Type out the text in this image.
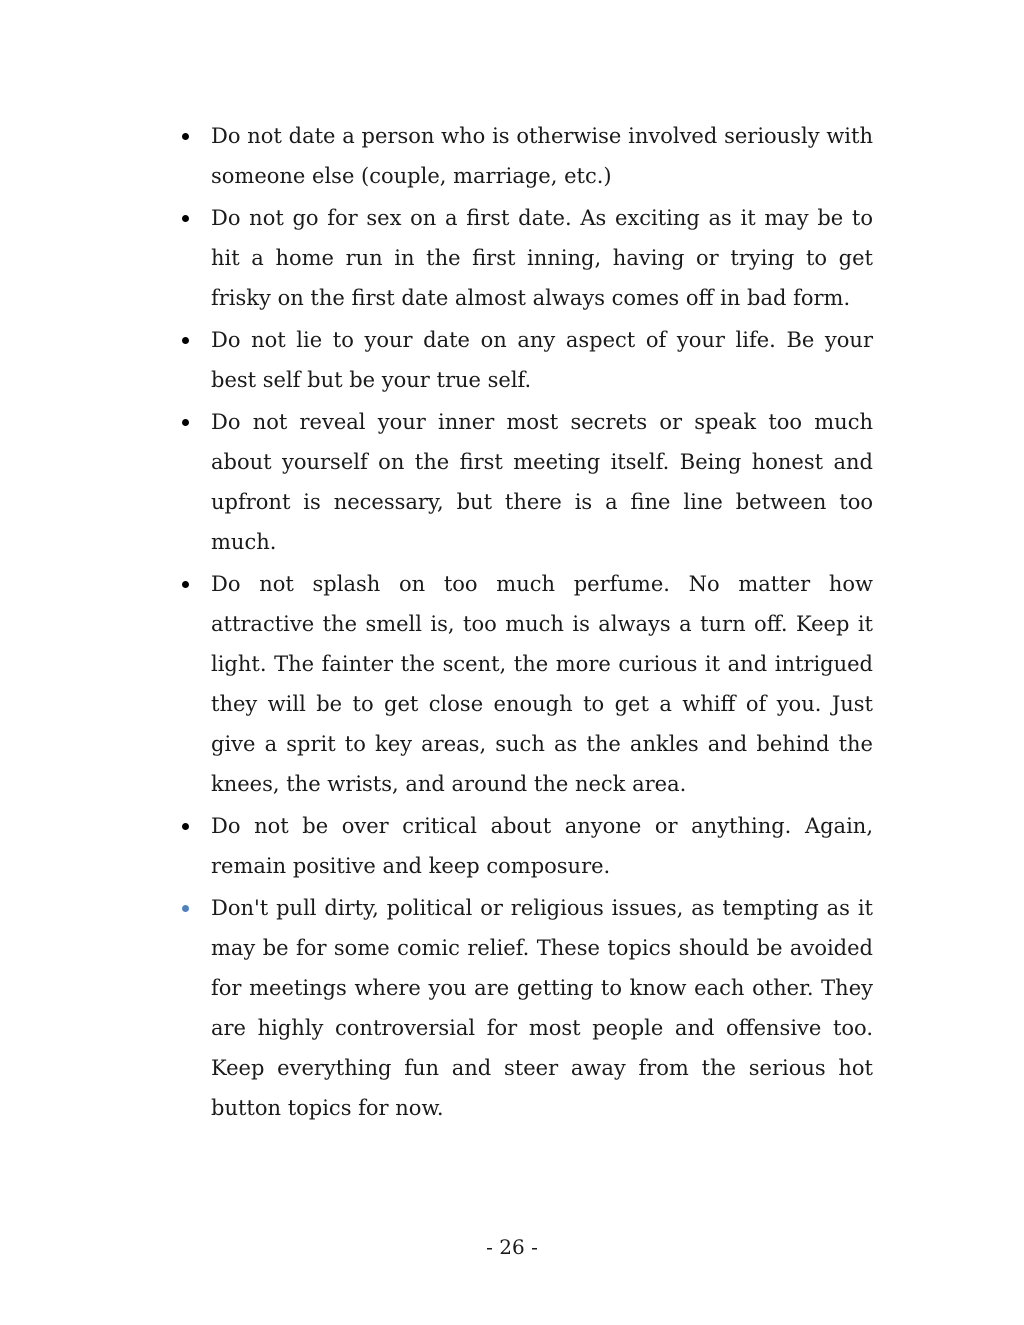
Do not date a person who is otherwise involved seriously with someone else (couple, marriage, etc.)
Do not go for sex on a first date. As exciting as it may be to hit a home run in the first inning, having or trying to get frisky on the first date almost always comes off in bad form.
Do not lie to your date on any aspect of your life. Be your best self but be your true self.
Do not reveal your inner most secrets or speak too much about yourself on the first meeting itself. Being honest and upfront is necessary, but there is a fine line between too much.
Do not splash on too much perfume. No matter how attractive the smell is, too much is always a turn off. Keep it light. The fainter the scent, the more curious it and intrigued they will be to get close enough to get a whiff of you. Just give a sprit to key areas, such as the ankles and behind the knees, the wrists, and around the neck area.
Do not be over critical about anyone or anything. Again, remain positive and keep composure.
Don't pull dirty, political or religious issues, as tempting as it may be for some comic relief. These topics should be avoided for meetings where you are getting to know each other. They are highly controversial for most people and offensive too. Keep everything fun and steer away from the serious hot button topics for now.
- 26 -
